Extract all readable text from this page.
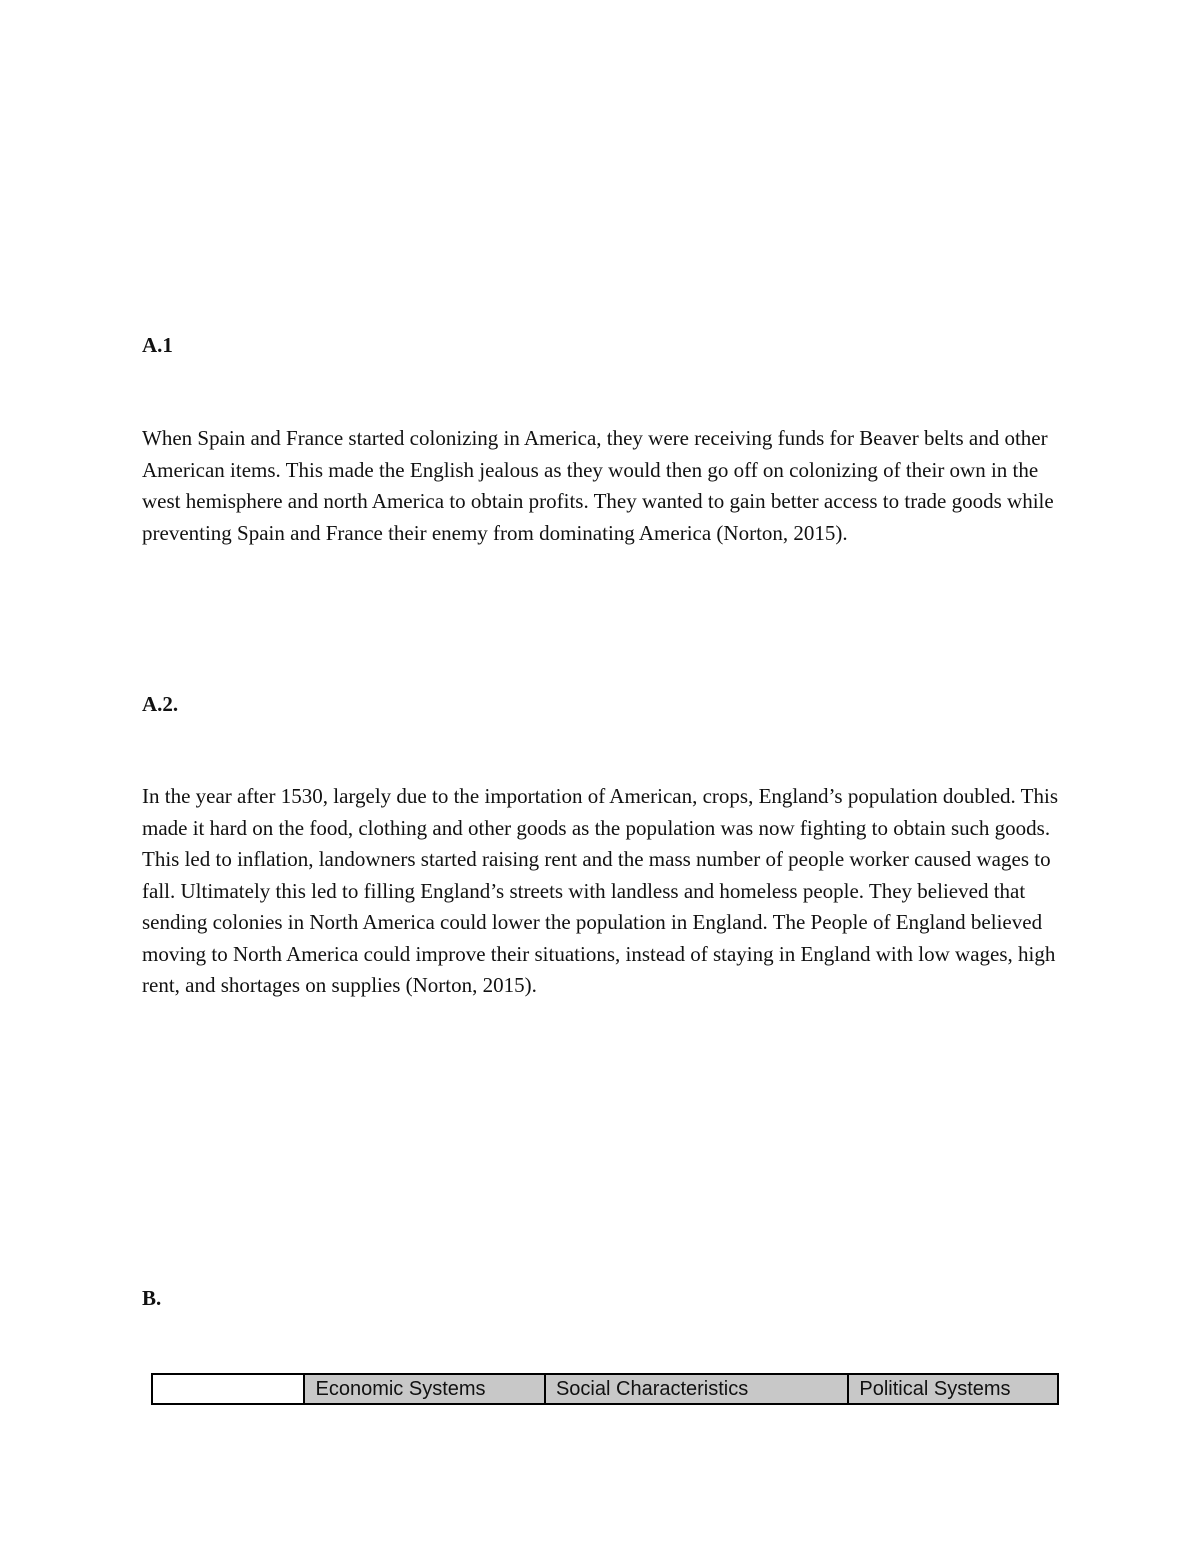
A.1

When Spain and France started colonizing in America, they were receiving funds for Beaver belts and other American items. This made the English jealous as they would then go off on colonizing of their own in the west hemisphere and north America to obtain profits. They wanted to gain better access to trade goods while preventing Spain and France their enemy from dominating America (Norton, 2015).

A.2.

In the year after 1530, largely due to the importation of American, crops, England’s population doubled. This made it hard on the food, clothing and other goods as the population was now fighting to obtain such goods. This led to inflation, landowners started raising rent and the mass number of people worker caused wages to fall. Ultimately this led to filling England’s streets with landless and homeless people. They believed that sending colonies in North America could lower the population in England. The People of England believed moving to North America could improve their situations, instead of staying in England with low wages, high rent, and shortages on supplies (Norton, 2015).

B.

	Economic Systems	Social Characteristics	Political Systems
